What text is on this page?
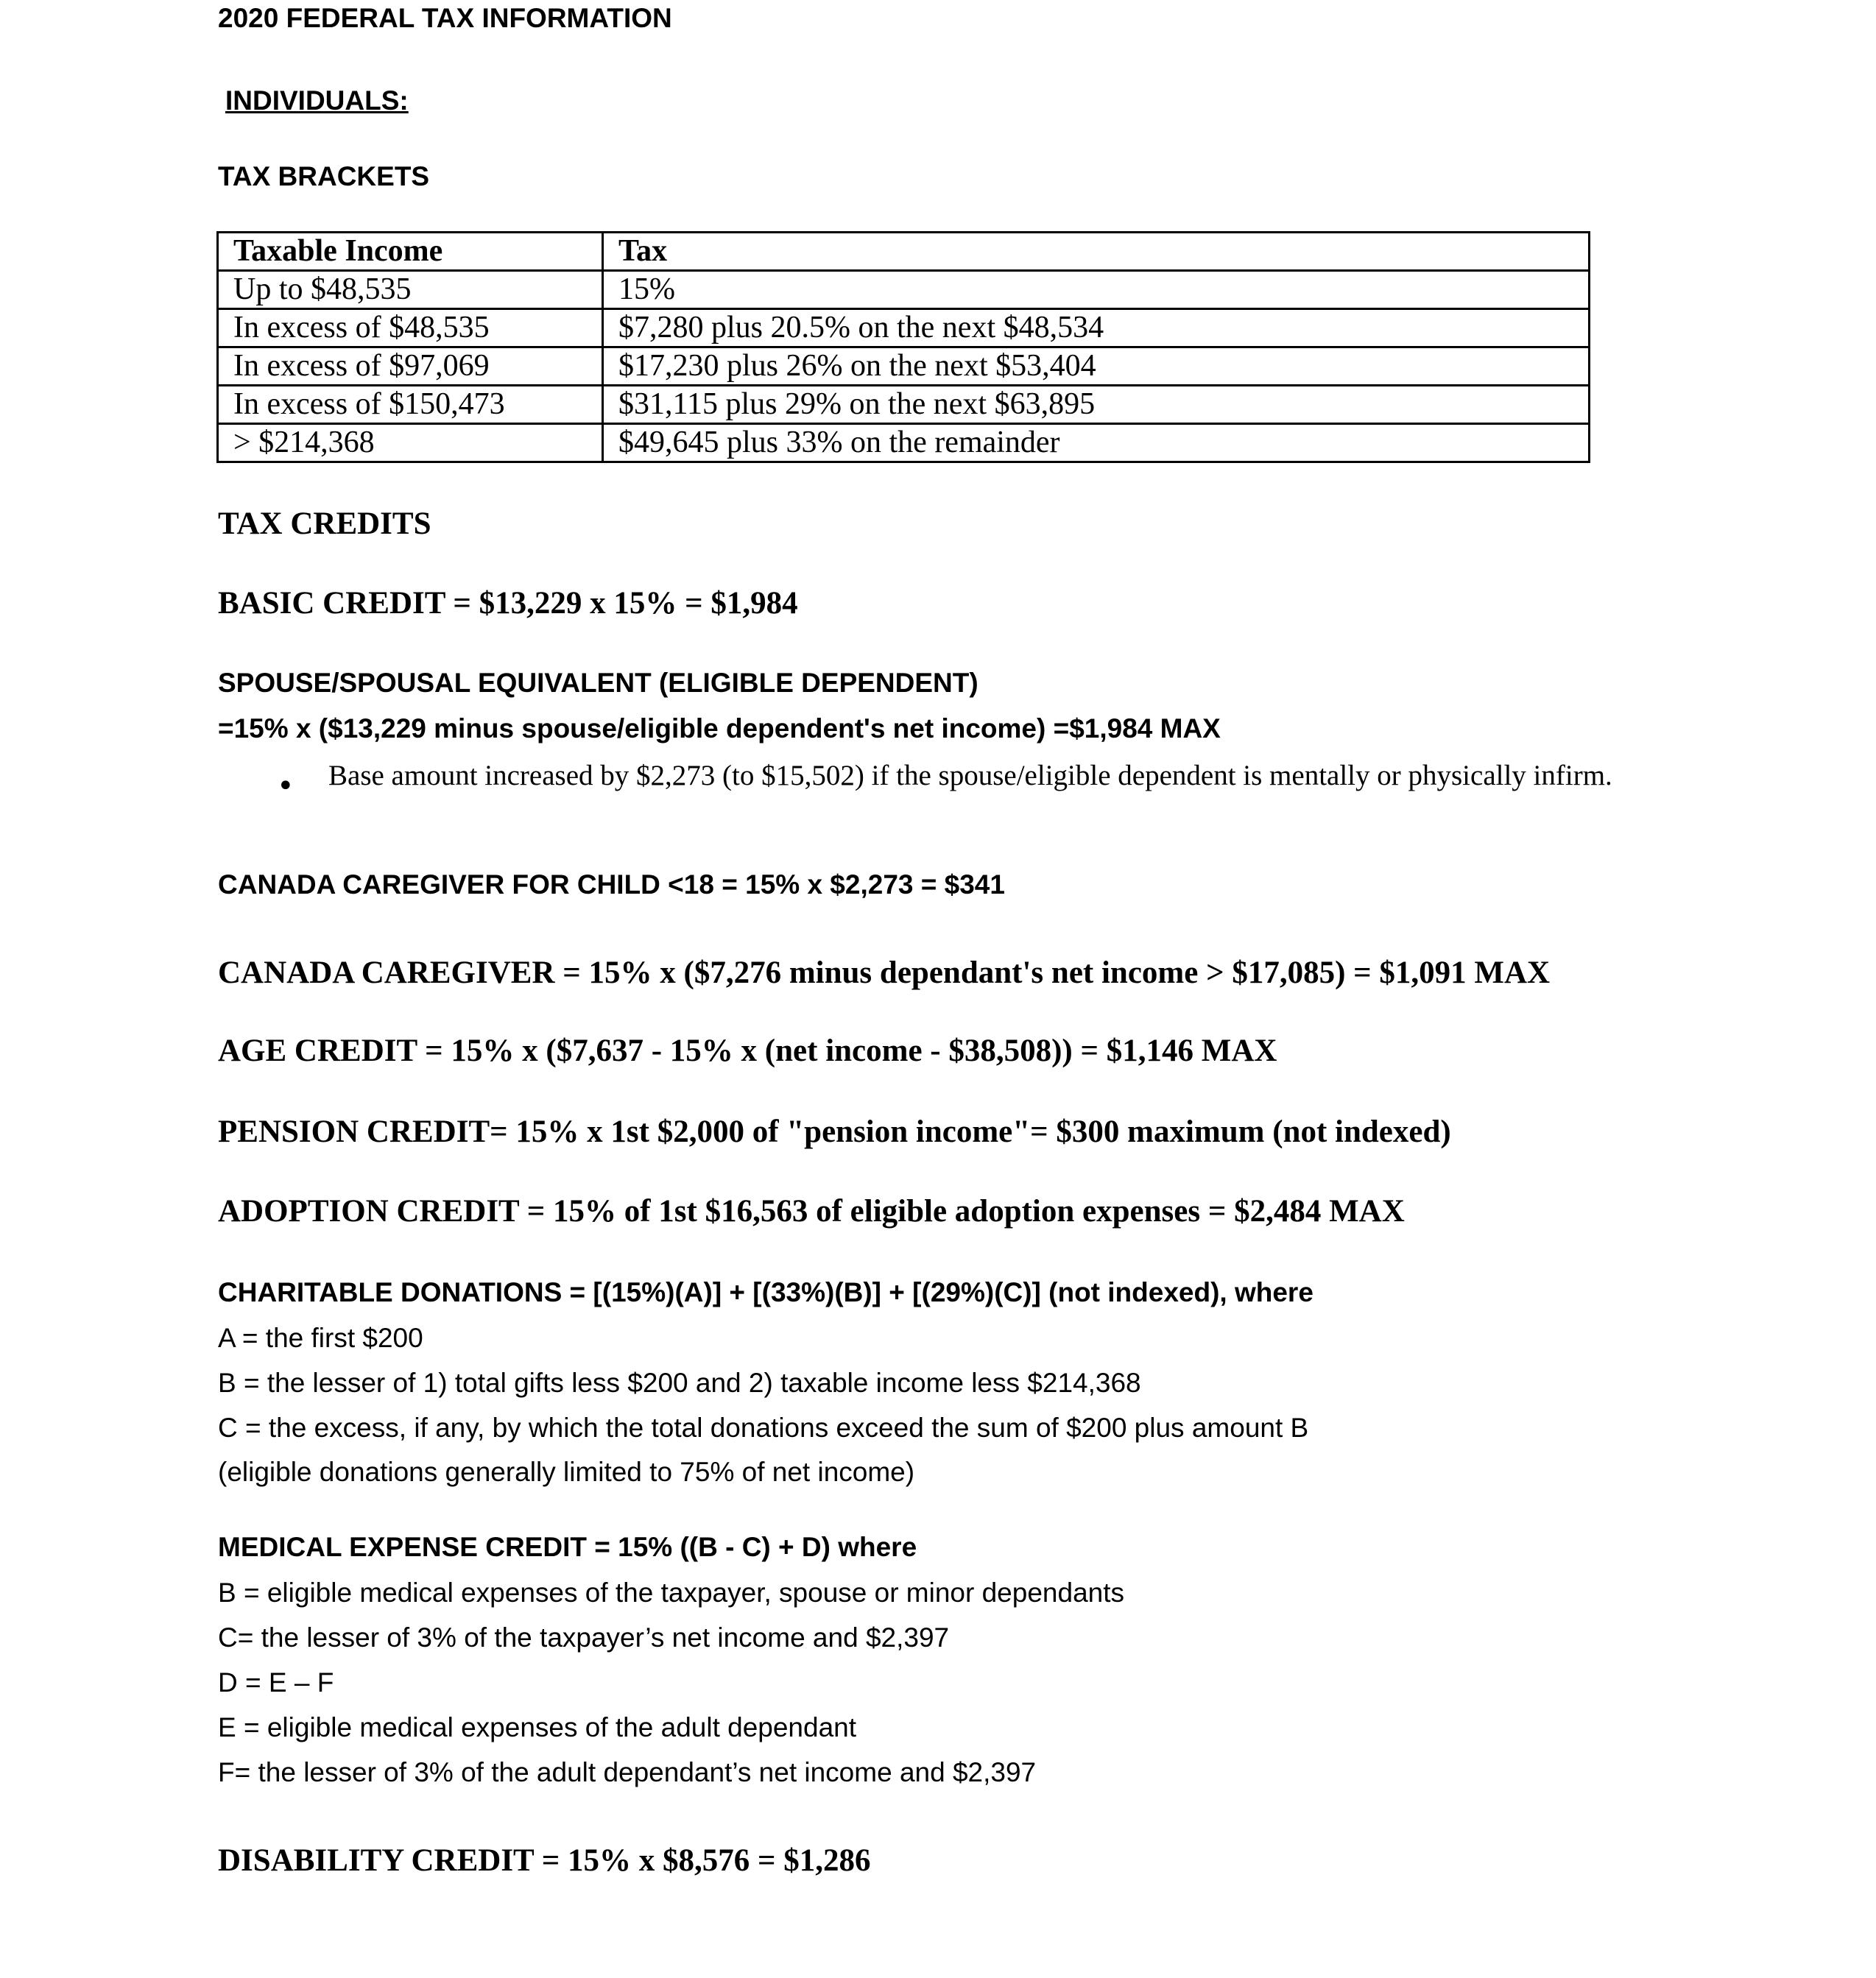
2020 FEDERAL TAX INFORMATION
INDIVIDUALS:
TAX BRACKETS
Taxable Income	Tax
Up to $48,535	15%
In excess of $48,535	$7,280 plus 20.5% on the next $48,534
In excess of $97,069	$17,230 plus 26% on the next $53,404
In excess of $150,473	$31,115 plus 29% on the next $63,895
> $214,368	$49,645 plus 33% on the remainder
TAX CREDITS
BASIC CREDIT = $13,229 x 15% = $1,984
SPOUSE/SPOUSAL EQUIVALENT (ELIGIBLE DEPENDENT)
=15% x ($13,229 minus spouse/eligible dependent's net income) =$1,984 MAX
• Base amount increased by $2,273 (to $15,502) if the spouse/eligible dependent is mentally or physically infirm.
CANADA CAREGIVER FOR CHILD <18 = 15% x $2,273 = $341
CANADA CAREGIVER = 15% x ($7,276 minus dependant's net income > $17,085) = $1,091 MAX
AGE CREDIT = 15% x ($7,637 - 15% x (net income - $38,508)) = $1,146 MAX
PENSION CREDIT= 15% x 1st $2,000 of "pension income"= $300 maximum (not indexed)
ADOPTION CREDIT = 15% of 1st $16,563 of eligible adoption expenses = $2,484 MAX
CHARITABLE DONATIONS = [(15%)(A)] + [(33%)(B)] + [(29%)(C)] (not indexed), where
A = the first $200
B = the lesser of 1) total gifts less $200 and 2) taxable income less $214,368
C = the excess, if any, by which the total donations exceed the sum of $200 plus amount B
(eligible donations generally limited to 75% of net income)
MEDICAL EXPENSE CREDIT = 15% ((B - C) + D) where
B = eligible medical expenses of the taxpayer, spouse or minor dependants
C= the lesser of 3% of the taxpayer’s net income and $2,397
D = E – F
E = eligible medical expenses of the adult dependant
F= the lesser of 3% of the adult dependant’s net income and $2,397
DISABILITY CREDIT = 15% x $8,576 = $1,286
